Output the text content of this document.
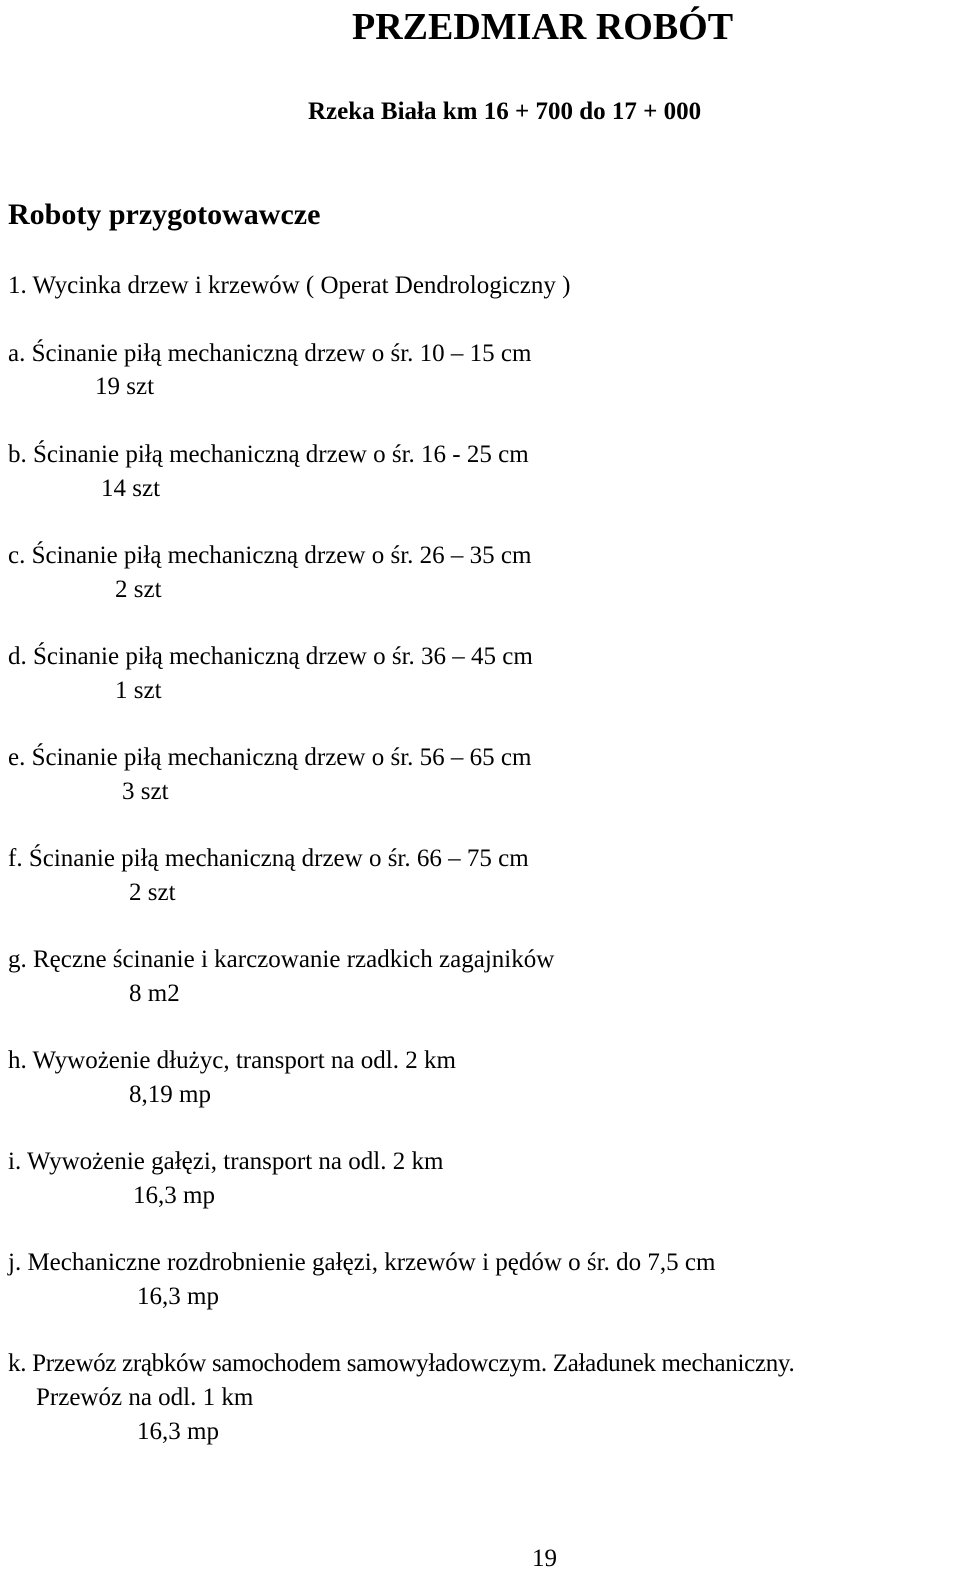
PRZEDMIAR ROBÓT
Rzeka Biała km 16 + 700 do 17 + 000
Roboty przygotowawcze
1. Wycinka drzew i krzewów ( Operat Dendrologiczny )
a. Ścinanie piłą mechaniczną drzew o śr. 10 – 15 cm
19 szt
b. Ścinanie piłą mechaniczną drzew o śr. 16 - 25 cm
14 szt
c. Ścinanie piłą mechaniczną drzew o śr. 26 – 35 cm
2 szt
d. Ścinanie piłą mechaniczną drzew o śr. 36 – 45 cm
1 szt
e. Ścinanie piłą mechaniczną drzew o śr. 56 – 65 cm
3 szt
f. Ścinanie piłą mechaniczną drzew o śr. 66 – 75 cm
2 szt
g. Ręczne ścinanie i karczowanie rzadkich zagajników
8 m2
h. Wywożenie dłużyc, transport na odl. 2 km
8,19 mp
i. Wywożenie gałęzi, transport na odl. 2 km
16,3 mp
j. Mechaniczne rozdrobnienie gałęzi, krzewów i pędów o śr. do 7,5 cm
16,3 mp
k. Przewóz zrąbków samochodem samowyładowczym. Załadunek mechaniczny.
Przewóz na odl. 1 km
16,3 mp
19
